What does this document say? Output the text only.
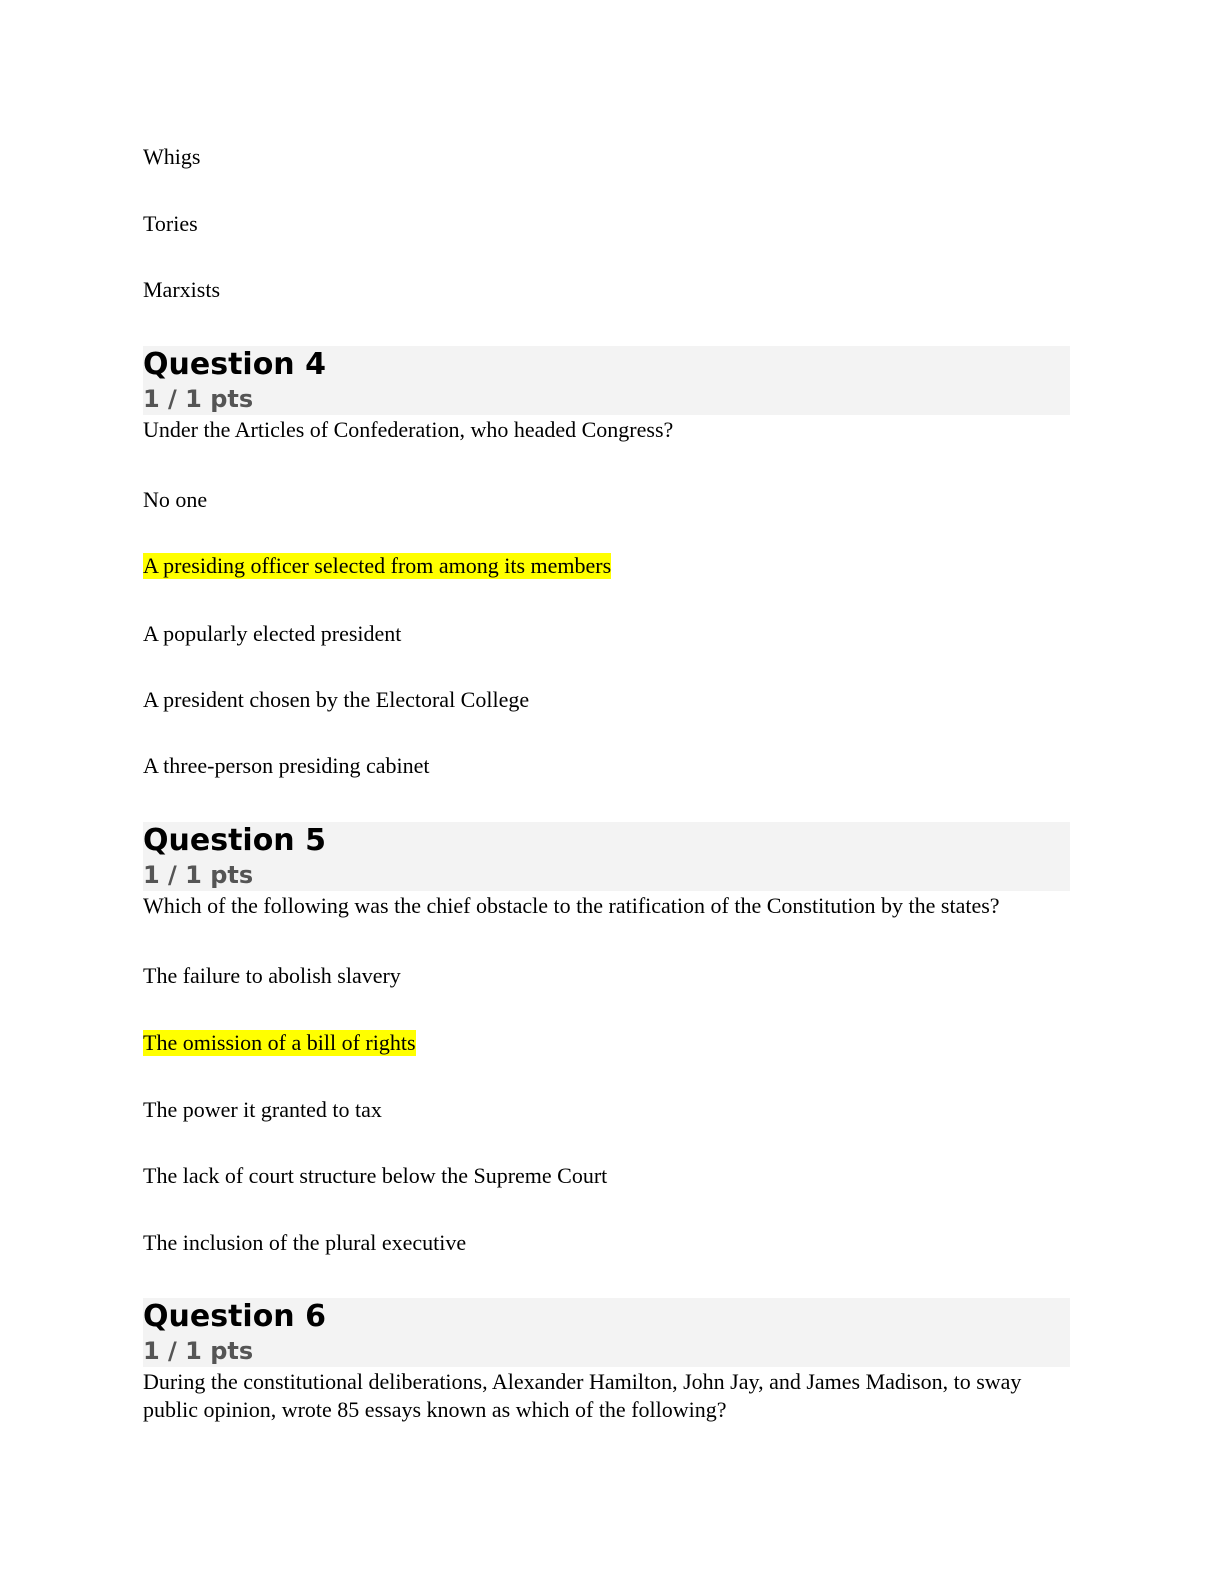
Whigs
Tories
Marxists
Question 4
1 / 1 pts
Under the Articles of Confederation, who headed Congress?
No one
A presiding officer selected from among its members
A popularly elected president
A president chosen by the Electoral College
A three-person presiding cabinet
Question 5
1 / 1 pts
Which of the following was the chief obstacle to the ratification of the Constitution by the states?
The failure to abolish slavery
The omission of a bill of rights
The power it granted to tax
The lack of court structure below the Supreme Court
The inclusion of the plural executive
Question 6
1 / 1 pts
During the constitutional deliberations, Alexander Hamilton, John Jay, and James Madison, to sway public opinion, wrote 85 essays known as which of the following?
